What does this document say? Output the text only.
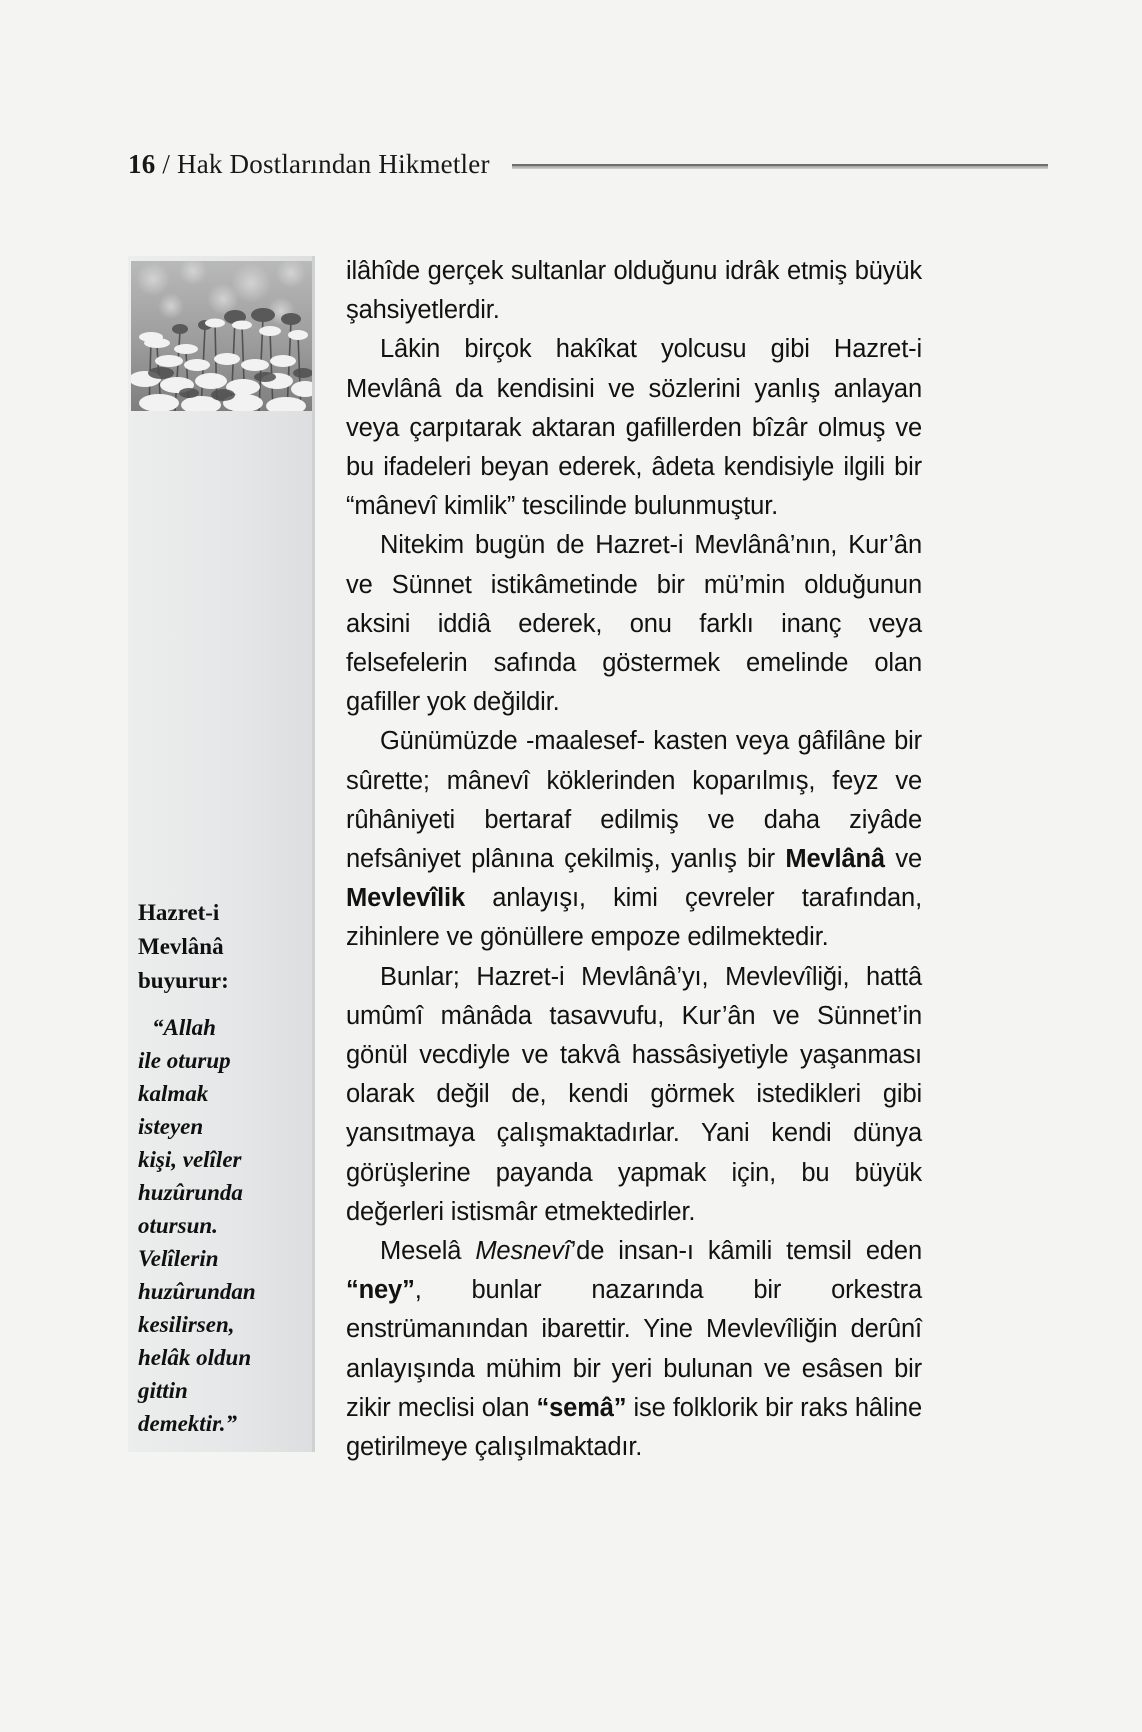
16 / Hak Dostlarından Hikmetler
Hazret-i
Mevlânâ
buyurur:
“Allah
ile oturup
kalmak
isteyen
kişi, velîler
huzûrunda
otursun.
Velîlerin
huzûrundan
kesilirsen,
helâk oldun
gittin
demektir.”

ilâhîde gerçek sultanlar olduğunu idrâk etmiş büyük şahsiyetlerdir.

Lâkin birçok hakîkat yolcusu gibi Hazret-i Mevlânâ da kendisini ve sözlerini yanlış anlayan veya çarpıtarak aktaran gafillerden bîzâr olmuş ve bu ifadeleri beyan ederek, âdeta kendisiyle ilgili bir “mânevî kimlik” tescilinde bulunmuştur.

Nitekim bugün de Hazret-i Mevlânâ’nın, Kur’ân ve Sünnet istikâmetinde bir mü’min olduğunun aksini iddiâ ederek, onu farklı inanç veya felsefelerin safında göstermek emelinde olan gafiller yok değildir.

Günümüzde -maalesef- kasten veya gâfilâne bir sûrette; mânevî köklerinden koparılmış, feyz ve rûhâniyeti bertaraf edilmiş ve daha ziyâde nefsâniyet plânına çekilmiş, yanlış bir Mevlânâ ve Mevlevîlik anlayışı, kimi çevreler tarafından, zihinlere ve gönüllere empoze edilmektedir.

Bunlar; Hazret-i Mevlânâ’yı, Mevlevîliği, hattâ umûmî mânâda tasavvufu, Kur’ân ve Sünnet’in gönül vecdiyle ve takvâ hassâsiyetiyle yaşanması olarak değil de, kendi görmek istedikleri gibi yansıtmaya çalışmaktadırlar. Yani kendi dünya görüşlerine payanda yapmak için, bu büyük değerleri istismâr etmektedirler.

Meselâ Mesnevî’de insan-ı kâmili temsil eden “ney”, bunlar nazarında bir orkestra enstrümanından ibarettir. Yine Mevlevîliğin derûnî anlayışında mühim bir yeri bulunan ve esâsen bir zikir meclisi olan “semâ” ise folklorik bir raks hâline getirilmeye çalışılmaktadır.
